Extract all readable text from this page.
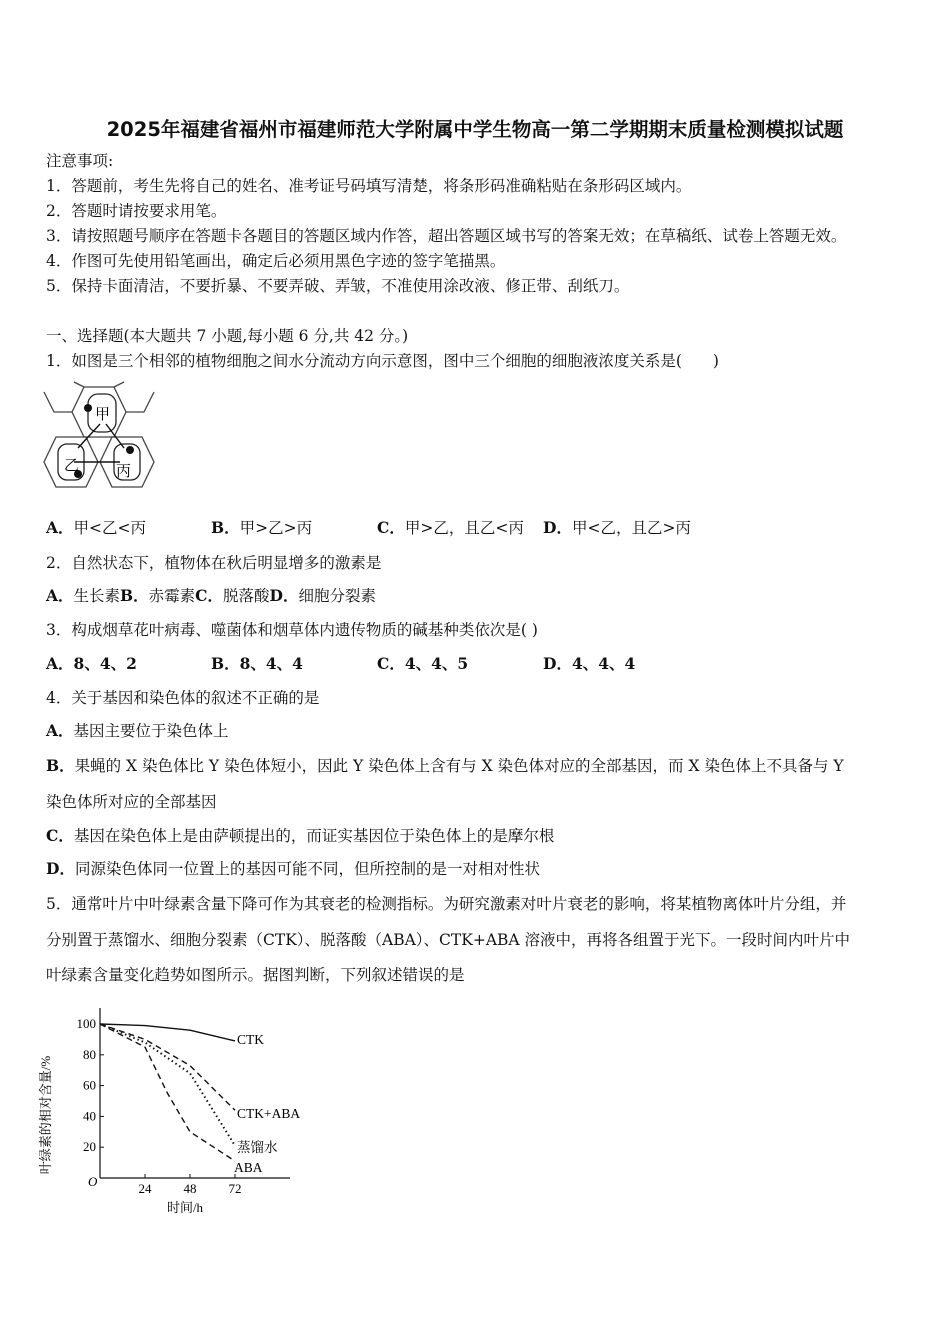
2025年福建省福州市福建师范大学附属中学生物高一第二学期期末质量检测模拟试题
注意事项:
1．答题前，考生先将自己的姓名、准考证号码填写清楚，将条形码准确粘贴在条形码区域内。
2．答题时请按要求用笔。
3．请按照题号顺序在答题卡各题目的答题区域内作答，超出答题区域书写的答案无效；在草稿纸、试卷上答题无效。
4．作图可先使用铅笔画出，确定后必须用黑色字迹的签字笔描黑。
5．保持卡面清洁，不要折暴、不要弄破、弄皱，不准使用涂改液、修正带、刮纸刀。
一、选择题(本大题共 7 小题,每小题 6 分,共 42 分。)
1．如图是三个相邻的植物细胞之间水分流动方向示意图，图中三个细胞的细胞液浓度关系是(　　)
甲
乙 丙
A．甲<乙<丙	B．甲>乙>丙	C．甲>乙，且乙<丙 D．甲<乙，且乙>丙
2．自然状态下，植物体在秋后明显增多的激素是
A．生长素B．赤霉素C．脱落酸D．细胞分裂素
3．构成烟草花叶病毒、噬菌体和烟草体内遗传物质的碱基种类依次是( )
A．8、4、2	B．8、4、4	C．4、4、5	D．4、4、4
4．关于基因和染色体的叙述不正确的是
A．基因主要位于染色体上
B．果蝇的 X 染色体比 Y 染色体短小，因此 Y 染色体上含有与 X 染色体对应的全部基因，而 X 染色体上不具备与 Y
染色体所对应的全部基因
C．基因在染色体上是由萨顿提出的，而证实基因位于染色体上的是摩尔根
D．同源染色体同一位置上的基因可能不同，但所控制的是一对相对性状
5．通常叶片中叶绿素含量下降可作为其衰老的检测指标。为研究激素对叶片衰老的影响，将某植物离体叶片分组，并
分别置于蒸馏水、细胞分裂素（CTK）、脱落酸（ABA）、CTK+ABA 溶液中，再将各组置于光下。一段时间内叶片中
叶绿素含量变化趋势如图所示。据图判断，下列叙述错误的是
O	24 48 72
20
40
60
80
100
CTK
CTK+ABA
蒸馏水
ABA
叶绿素的相对含量/%
时间/h
